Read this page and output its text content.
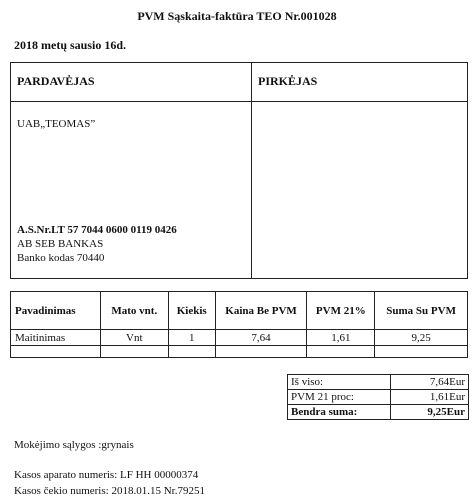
PVM Sąskaita-faktūra TEO Nr.001028
2018 metų sausio 16d.
PARDAVĖJAS	PIRKĖJAS
UAB„TEOMAS”
A.S.Nr.LT 57 7044 0600 0119 0426
AB SEB BANKAS
Banko kodas 70440
Pavadinimas	Mato vnt.	Kiekis	Kaina Be PVM	PVM 21%	Suma Su PVM
Maitinimas	Vnt	1	7,64	1,61	9,25

Iš viso:	7,64Eur
PVM 21 proc:	1,61Eur
Bendra suma:	9,25Eur
Mokėjimo sąlygos :grynais
Kasos aparato numeris: LF HH 00000374
Kasos čekio numeris: 2018.01.15 Nr.79251
